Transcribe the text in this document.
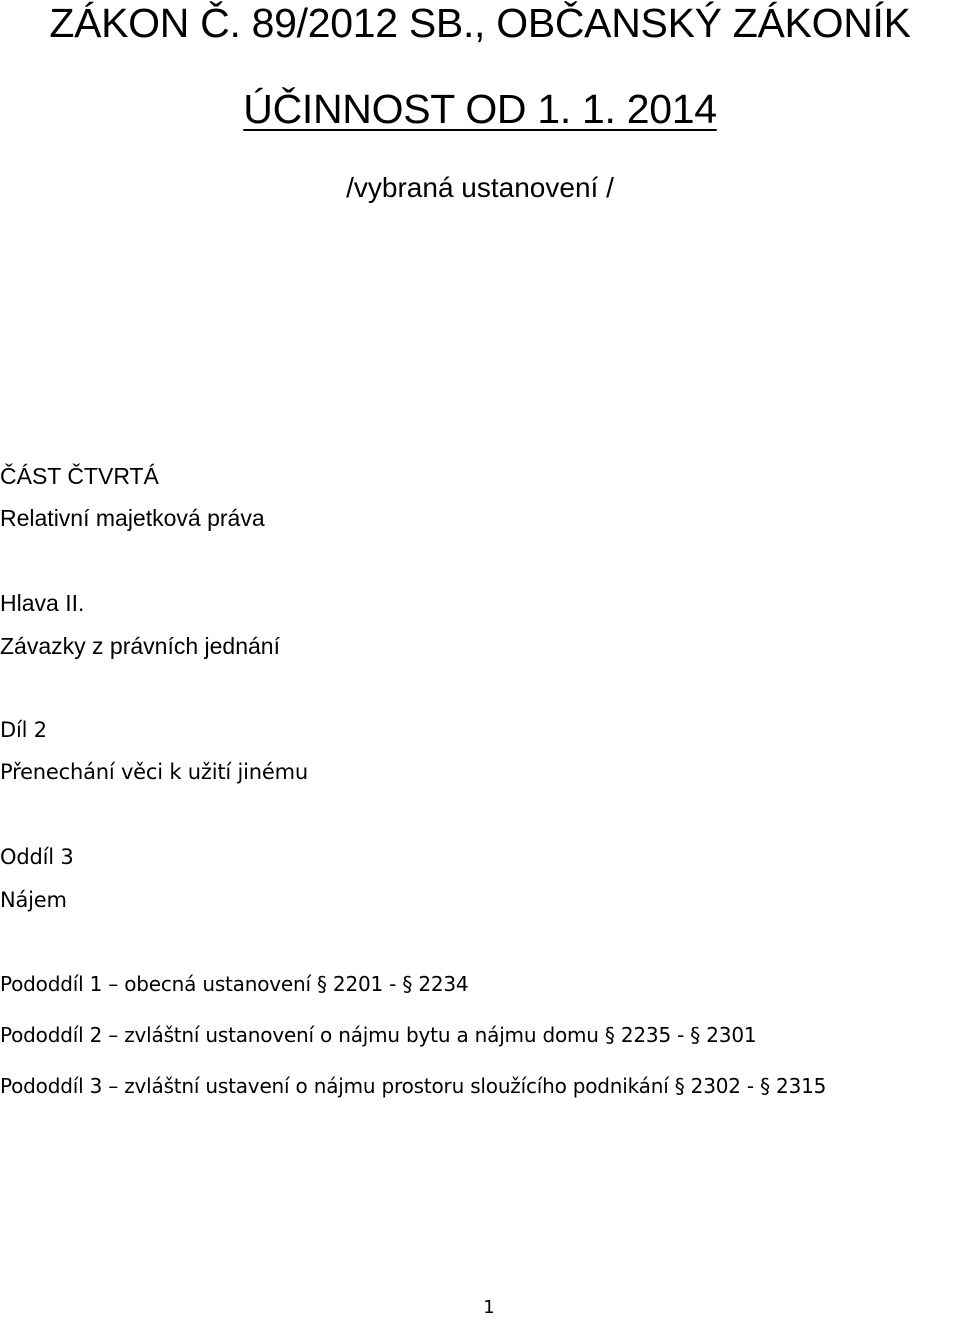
ZÁKON Č. 89/2012 SB., OBČANSKÝ ZÁKONÍK
ÚČINNOST OD 1. 1. 2014
/vybraná ustanovení /
ČÁST ČTVRTÁ
Relativní majetková práva
Hlava II.
Závazky z právních jednání
Díl 2
Přenechání věci k užití jinému
Oddíl 3
Nájem
Pododdíl 1 – obecná ustanovení § 2201 - § 2234
Pododdíl 2 – zvláštní ustanovení o nájmu bytu a nájmu domu § 2235 - § 2301
Pododdíl 3 – zvláštní ustavení o nájmu prostoru sloužícího podnikání § 2302 - § 2315
1
